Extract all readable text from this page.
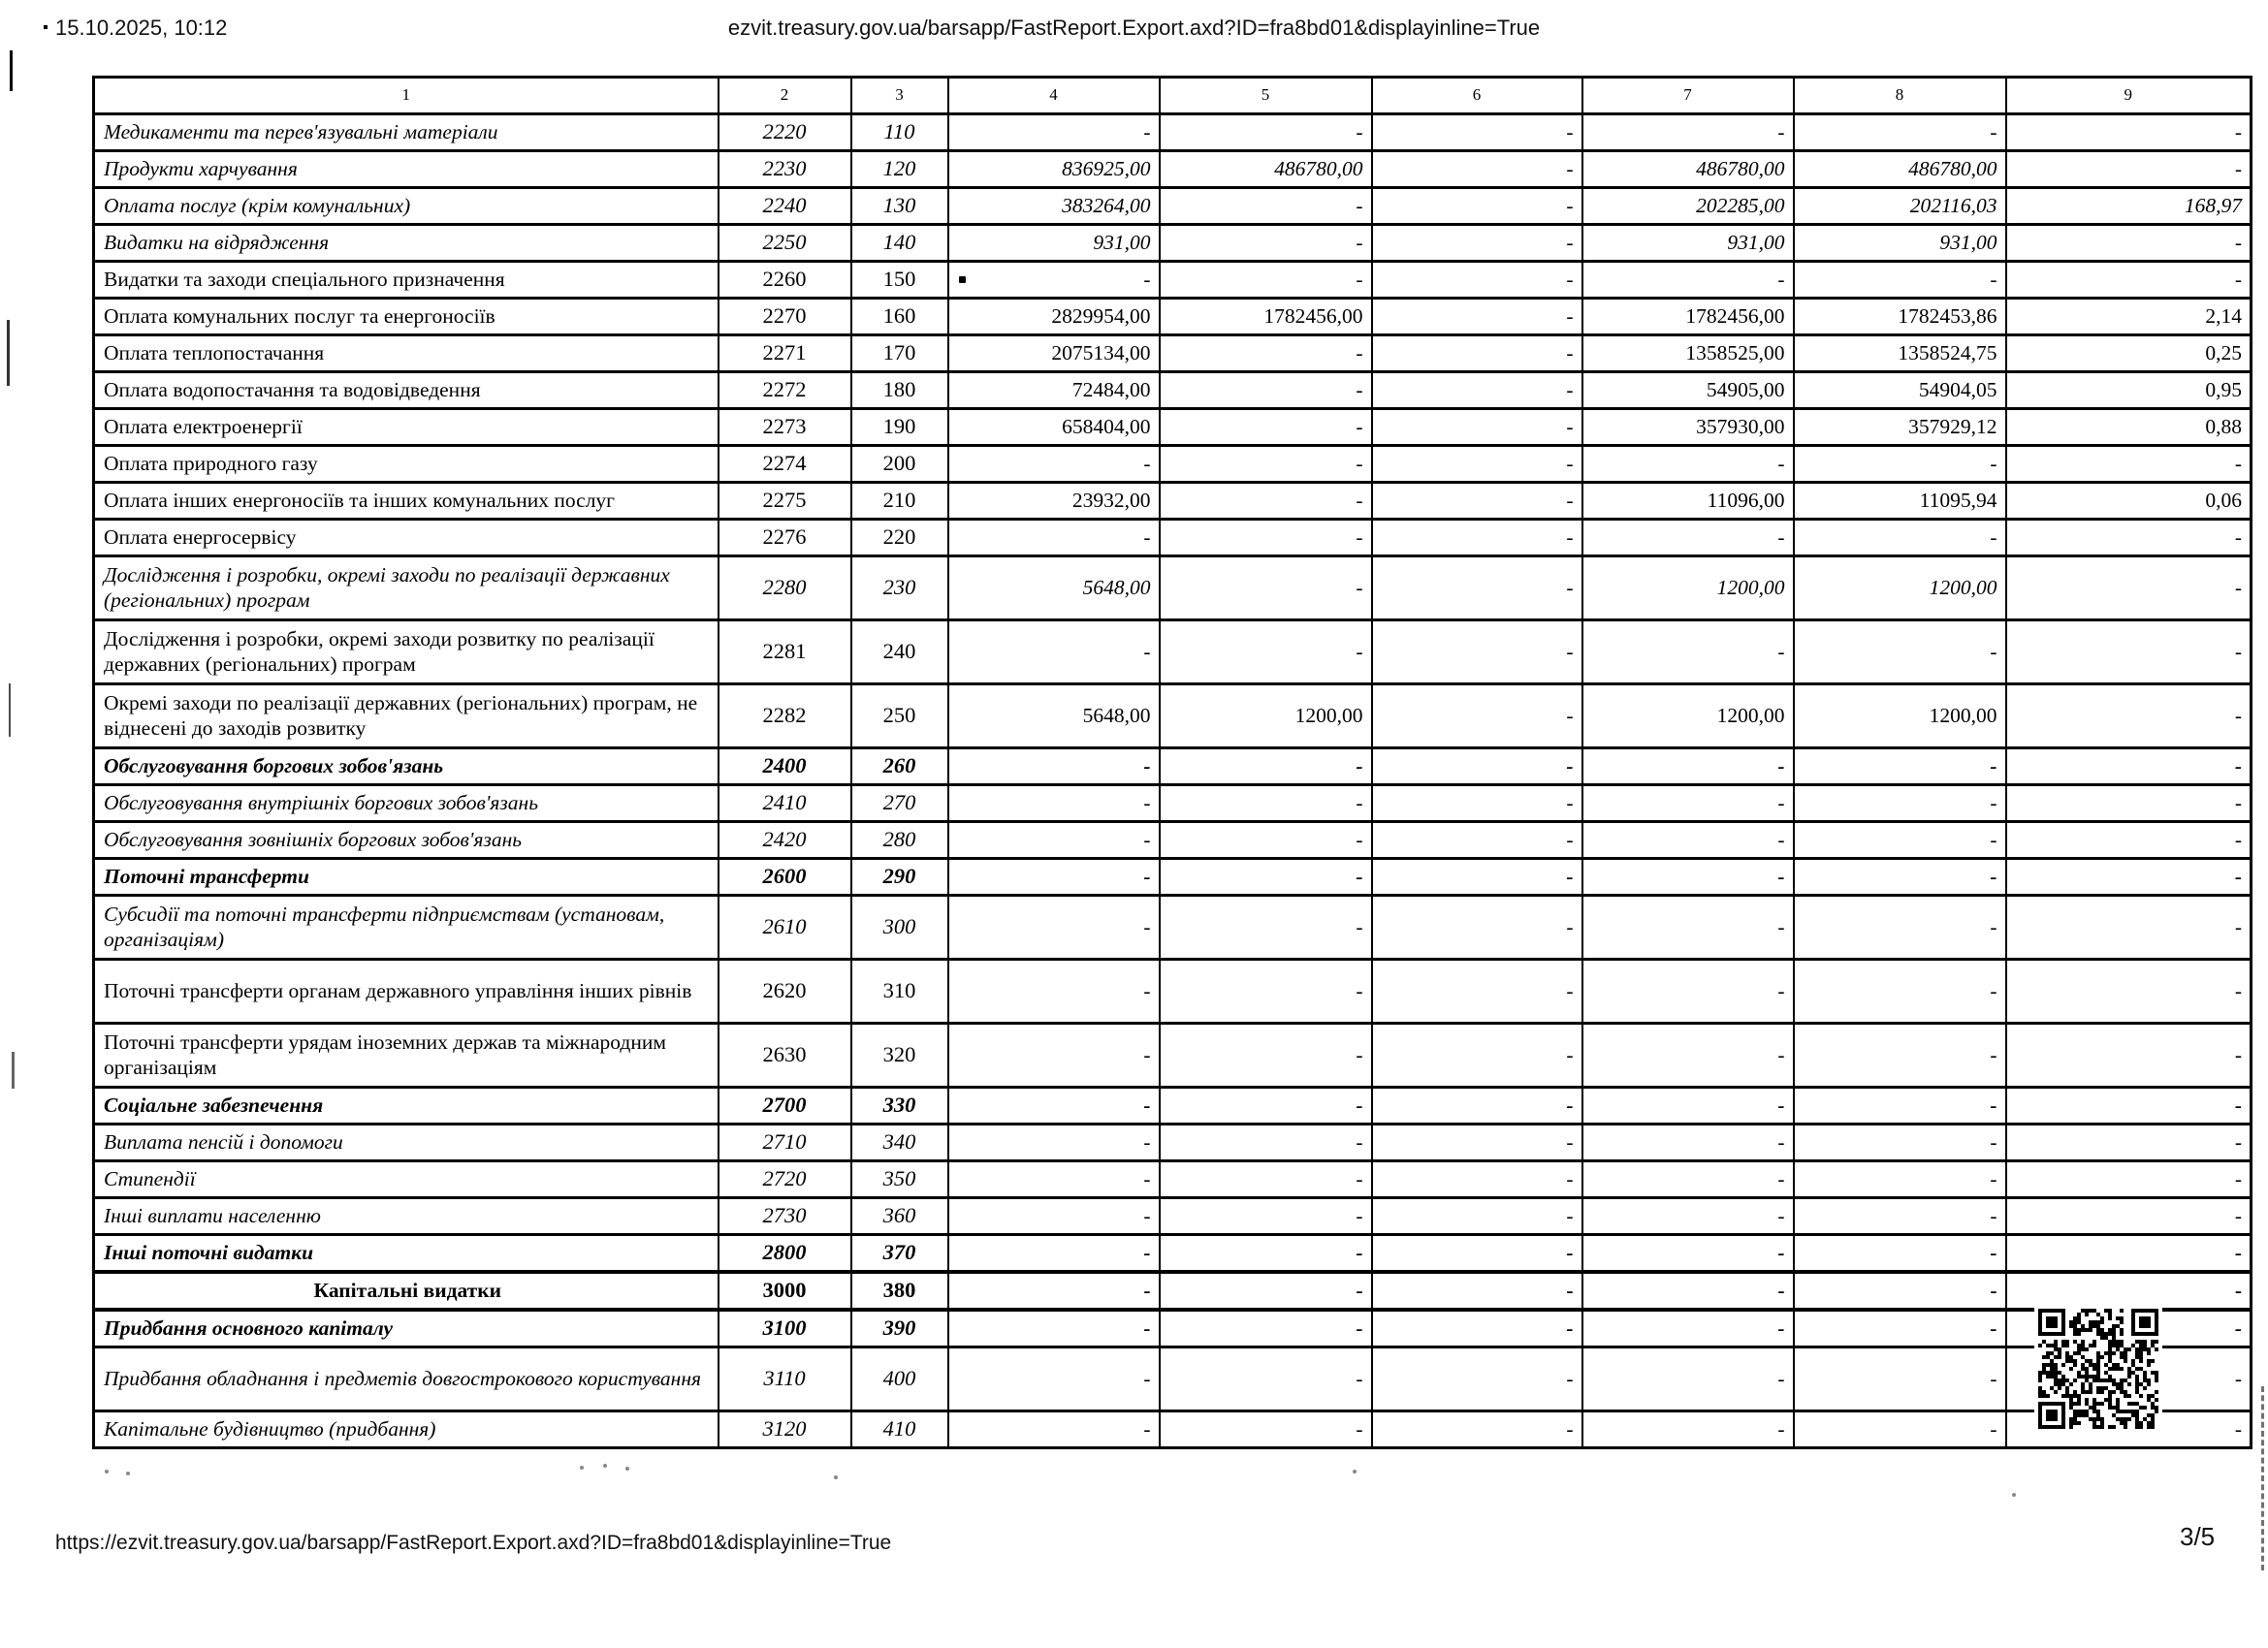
15.10.2025, 10:12	ezvit.treasury.gov.ua/barsapp/FastReport.Export.axd?ID=fra8bd01&displayinline=True
1	2	3	4	5	6	7	8	9
Медикаменти та перев'язувальні матеріали	2220	110	-	-	-	-	-	-
Продукти харчування	2230	120	836925,00	486780,00	-	486780,00	486780,00	-
Оплата послуг (крім комунальних)	2240	130	383264,00	-	-	202285,00	202116,03	168,97
Видатки на відрядження	2250	140	931,00	-	-	931,00	931,00	-
Видатки та заходи спеціального призначення	2260	150	-	-	-	-	-	-
Оплата комунальних послуг та енергоносіїв	2270	160	2829954,00	1782456,00	-	1782456,00	1782453,86	2,14
Оплата теплопостачання	2271	170	2075134,00	-	-	1358525,00	1358524,75	0,25
Оплата водопостачання та водовідведення	2272	180	72484,00	-	-	54905,00	54904,05	0,95
Оплата електроенергії	2273	190	658404,00	-	-	357930,00	357929,12	0,88
Оплата природного газу	2274	200	-	-	-	-	-	-
Оплата інших енергоносіїв та інших комунальних послуг	2275	210	23932,00	-	-	11096,00	11095,94	0,06
Оплата енергосервісу	2276	220	-	-	-	-	-	-
Дослідження і розробки, окремі заходи по реалізації державних (регіональних) програм	2280	230	5648,00	-	-	1200,00	1200,00	-
Дослідження і розробки, окремі заходи розвитку по реалізації державних (регіональних) програм	2281	240	-	-	-	-	-	-
Окремі заходи по реалізації державних (регіональних) програм, не віднесені до заходів розвитку	2282	250	5648,00	1200,00	-	1200,00	1200,00	-
Обслуговування боргових зобов'язань	2400	260	-	-	-	-	-	-
Обслуговування внутрішніх боргових зобов'язань	2410	270	-	-	-	-	-	-
Обслуговування зовнішніх боргових зобов'язань	2420	280	-	-	-	-	-	-
Поточні трансферти	2600	290	-	-	-	-	-	-
Субсидії та поточні трансферти підприємствам (установам, організаціям)	2610	300	-	-	-	-	-	-
Поточні трансферти органам державного управління інших рівнів	2620	310	-	-	-	-	-	-
Поточні трансферти урядам іноземних держав та міжнародним організаціям	2630	320	-	-	-	-	-	-
Соціальне забезпечення	2700	330	-	-	-	-	-	-
Виплата пенсій і допомоги	2710	340	-	-	-	-	-	-
Стипендії	2720	350	-	-	-	-	-	-
Інші виплати населенню	2730	360	-	-	-	-	-	-
Інші поточні видатки	2800	370	-	-	-	-	-	-
Капітальні видатки	3000	380	-	-	-	-	-	-
Придбання основного капіталу	3100	390	-	-	-	-	-	-
Придбання обладнання і предметів довгострокового користування	3110	400	-	-	-	-	-	-
Капітальне будівництво (придбання)	3120	410	-	-	-	-	-	-
https://ezvit.treasury.gov.ua/barsapp/FastReport.Export.axd?ID=fra8bd01&displayinline=True	3/5
